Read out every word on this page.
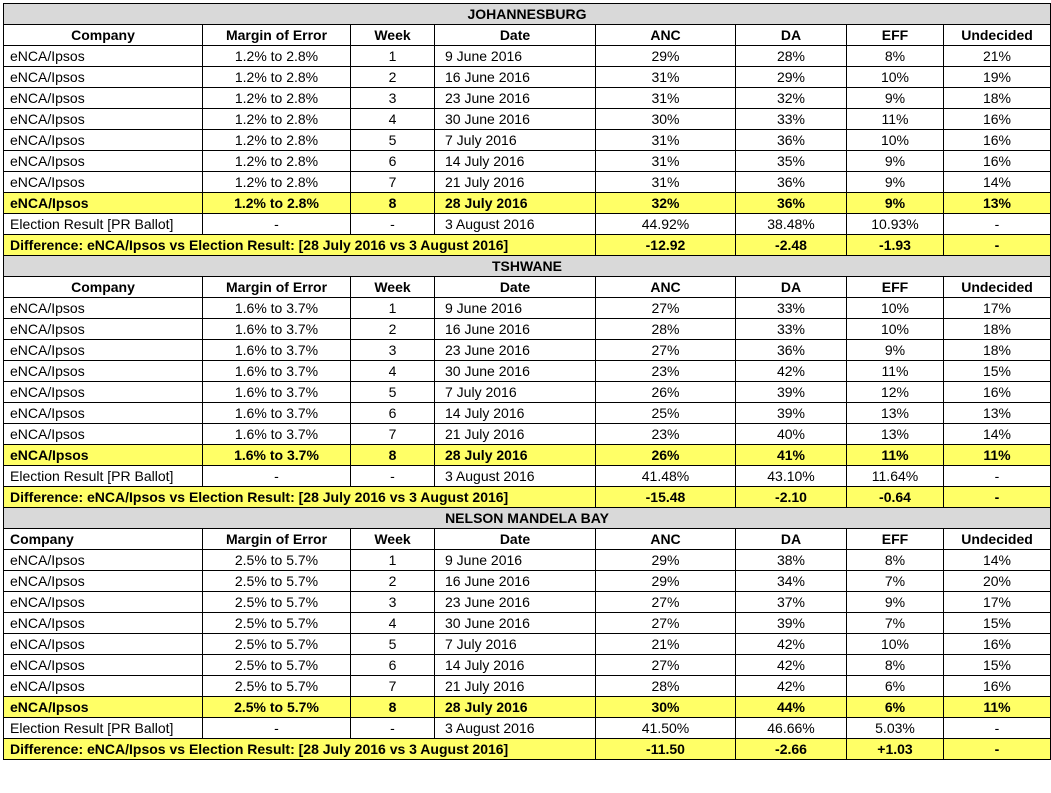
JOHANNESBURG							
Company	Margin of Error	Week	Date	ANC	DA	EFF	Undecided
eNCA/Ipsos	1.2% to 2.8%	1	9 June 2016	29%	28%	8%	21%
eNCA/Ipsos	1.2% to 2.8%	2	16 June 2016	31%	29%	10%	19%
eNCA/Ipsos	1.2% to 2.8%	3	23 June 2016	31%	32%	9%	18%
eNCA/Ipsos	1.2% to 2.8%	4	30 June 2016	30%	33%	11%	16%
eNCA/Ipsos	1.2% to 2.8%	5	7 July 2016	31%	36%	10%	16%
eNCA/Ipsos	1.2% to 2.8%	6	14 July 2016	31%	35%	9%	16%
eNCA/Ipsos	1.2% to 2.8%	7	21 July 2016	31%	36%	9%	14%
eNCA/Ipsos	1.2% to 2.8%	8	28 July 2016	32%	36%	9%	13%
Election Result [PR Ballot]	-	-	3 August 2016	44.92%	38.48%	10.93%	-
Difference: eNCA/Ipsos vs Election Result: [28 July 2016 vs 3 August 2016]				-12.92	-2.48	-1.93	-
TSHWANE							
Company	Margin of Error	Week	Date	ANC	DA	EFF	Undecided
eNCA/Ipsos	1.6% to 3.7%	1	9 June 2016	27%	33%	10%	17%
eNCA/Ipsos	1.6% to 3.7%	2	16 June 2016	28%	33%	10%	18%
eNCA/Ipsos	1.6% to 3.7%	3	23 June 2016	27%	36%	9%	18%
eNCA/Ipsos	1.6% to 3.7%	4	30 June 2016	23%	42%	11%	15%
eNCA/Ipsos	1.6% to 3.7%	5	7 July 2016	26%	39%	12%	16%
eNCA/Ipsos	1.6% to 3.7%	6	14 July 2016	25%	39%	13%	13%
eNCA/Ipsos	1.6% to 3.7%	7	21 July 2016	23%	40%	13%	14%
eNCA/Ipsos	1.6% to 3.7%	8	28 July 2016	26%	41%	11%	11%
Election Result [PR Ballot]	-	-	3 August 2016	41.48%	43.10%	11.64%	-
Difference: eNCA/Ipsos vs Election Result: [28 July 2016 vs 3 August 2016]				-15.48	-2.10	-0.64	-
NELSON MANDELA BAY							
Company	Margin of Error	Week	Date	ANC	DA	EFF	Undecided
eNCA/Ipsos	2.5% to 5.7%	1	9 June 2016	29%	38%	8%	14%
eNCA/Ipsos	2.5% to 5.7%	2	16 June 2016	29%	34%	7%	20%
eNCA/Ipsos	2.5% to 5.7%	3	23 June 2016	27%	37%	9%	17%
eNCA/Ipsos	2.5% to 5.7%	4	30 June 2016	27%	39%	7%	15%
eNCA/Ipsos	2.5% to 5.7%	5	7 July 2016	21%	42%	10%	16%
eNCA/Ipsos	2.5% to 5.7%	6	14 July 2016	27%	42%	8%	15%
eNCA/Ipsos	2.5% to 5.7%	7	21 July 2016	28%	42%	6%	16%
eNCA/Ipsos	2.5% to 5.7%	8	28 July 2016	30%	44%	6%	11%
Election Result [PR Ballot]	-	-	3 August 2016	41.50%	46.66%	5.03%	-
Difference: eNCA/Ipsos vs Election Result: [28 July 2016 vs 3 August 2016]				-11.50	-2.66	+1.03	-
